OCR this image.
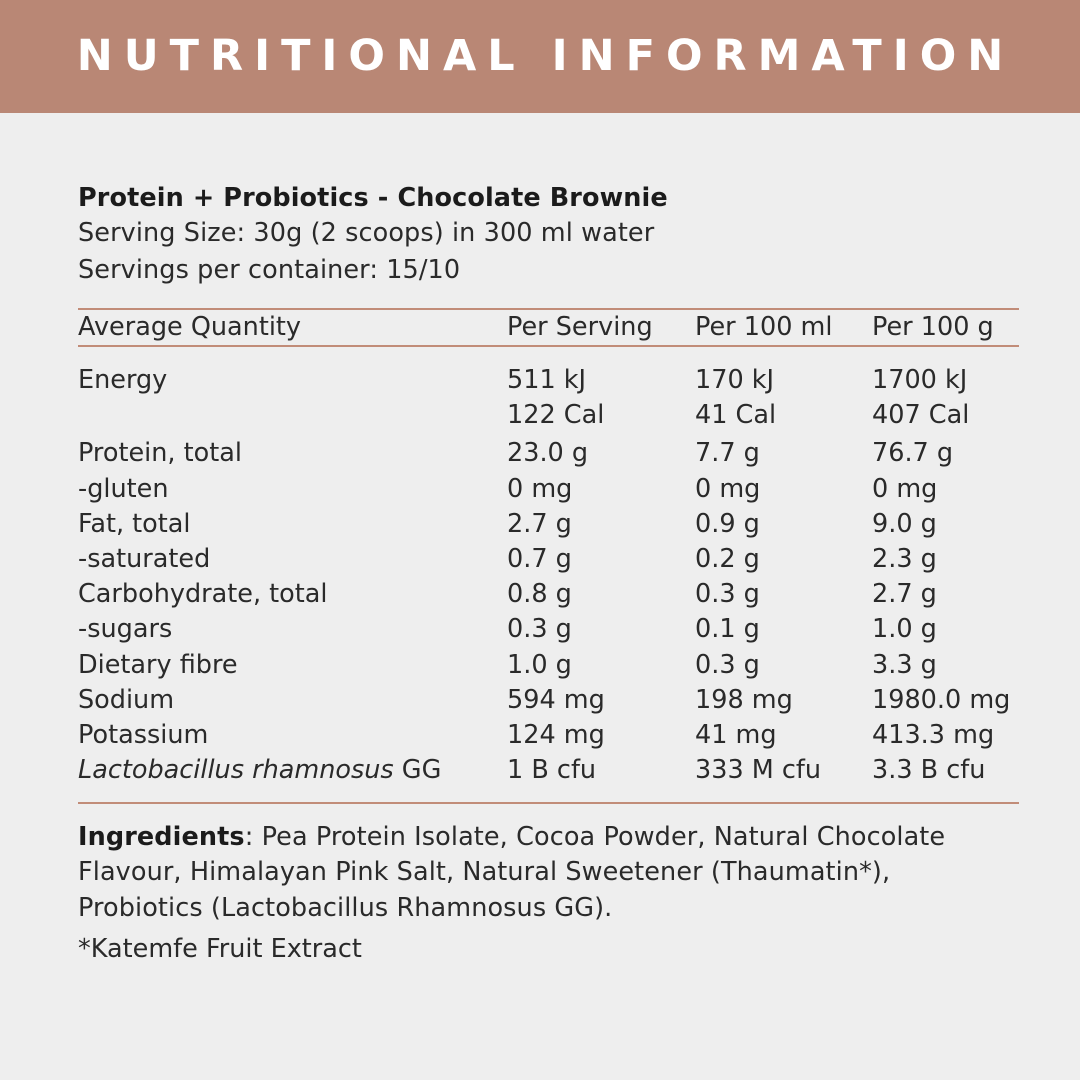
NUTRITIONAL INFORMATION
Protein + Probiotics - Chocolate Brownie
Serving Size: 30g (2 scoops) in 300 ml water
Servings per container: 15/10
Average Quantity	Per Serving	Per 100 ml	Per 100 g
Energy	511 kJ	170 kJ	1700 kJ
	122 Cal	41 Cal	407 Cal
Protein, total	23.0 g	7.7 g	76.7 g
-gluten	0 mg	0 mg	0 mg
Fat, total	2.7 g	0.9 g	9.0 g
-saturated	0.7 g	0.2 g	2.3 g
Carbohydrate, total	0.8 g	0.3 g	2.7 g
-sugars	0.3 g	0.1 g	1.0 g
Dietary fibre	1.0 g	0.3 g	3.3 g
Sodium	594 mg	198 mg	1980.0 mg
Potassium	124 mg	41 mg	413.3 mg
Lactobacillus rhamnosus GG	1 B cfu	333 M cfu	3.3 B cfu
Ingredients: Pea Protein Isolate, Cocoa Powder, Natural Chocolate Flavour, Himalayan Pink Salt, Natural Sweetener (Thaumatin*), Probiotics (Lactobacillus Rhamnosus GG).
*Katemfe Fruit Extract
